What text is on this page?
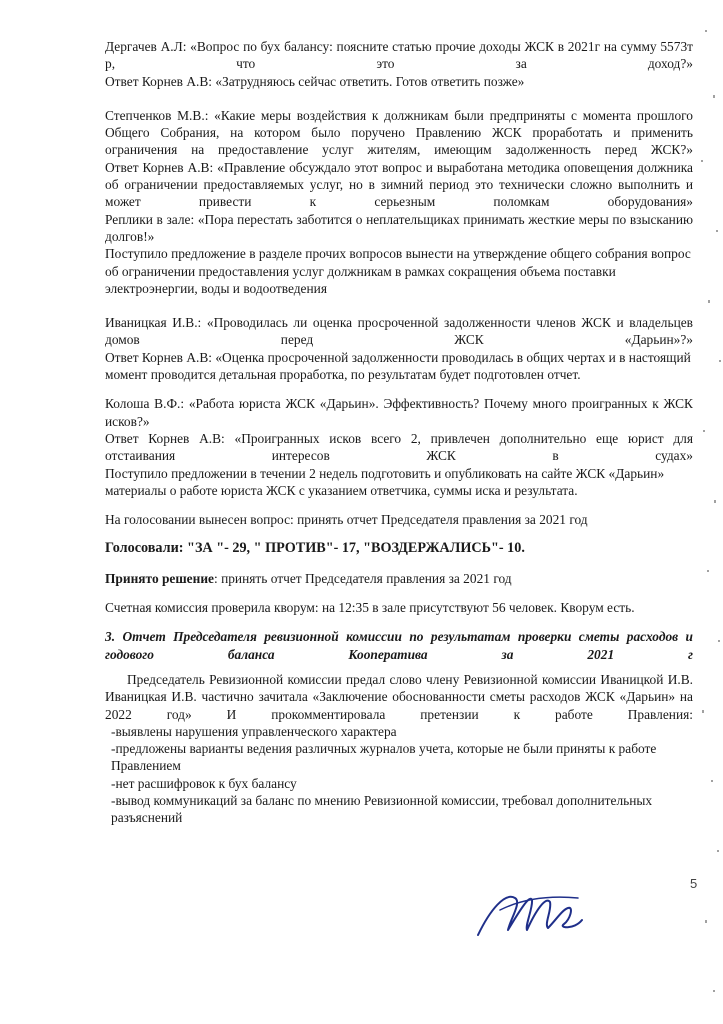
Дергачев А.Л: «Вопрос по бух балансу: поясните статью прочие доходы ЖСК в 2021г на сумму 5573т р, что это за доход?»

Ответ Корнев А.В: «Затрудняюсь сейчас ответить. Готов ответить позже»

Степченков М.В.: «Какие меры воздействия к должникам были предприняты с момента прошлого Общего Собрания, на котором было поручено Правлению ЖСК проработать и применить ограничения на предоставление услуг жителям, имеющим задолженность перед ЖСК?»

Ответ Корнев А.В: «Правление обсуждало этот вопрос и выработана методика оповещения должника об ограничении предоставляемых услуг, но в зимний период это технически сложно выполнить и может привести к серьезным поломкам оборудования»

Реплики в зале: «Пора перестать заботится о неплательщиках принимать жесткие меры по взысканию долгов!»

Поступило предложение в разделе прочих вопросов вынести на утверждение общего собрания вопрос об ограничении предоставления услуг должникам в рамках сокращения объема поставки электроэнергии, воды и водоотведения

Иваницкая И.В.: «Проводилась ли оценка просроченной задолженности членов ЖСК и владельцев домов перед ЖСК «Дарьин»?»

Ответ Корнев А.В: «Оценка просроченной задолженности проводилась в общих чертах и в настоящий момент проводится детальная проработка, по результатам будет подготовлен отчет.

Колоша В.Ф.: «Работа юриста ЖСК «Дарьин». Эффективность? Почему много проигранных к ЖСК исков?»

Ответ Корнев А.В: «Проигранных исков всего 2, привлечен дополнительно еще юрист для отстаивания интересов ЖСК в судах»

Поступило предложении в течении 2 недель подготовить и опубликовать на сайте ЖСК «Дарьин» материалы о работе юриста ЖСК с указанием ответчика, суммы иска и результата.

На голосовании вынесен вопрос: принять отчет Председателя правления за 2021 год

Голосовали: "ЗА "- 29, " ПРОТИВ"- 17, "ВОЗДЕРЖАЛИСЬ"- 10.

Принято решение: принять отчет Председателя правления за 2021 год

Счетная комиссия проверила кворум: на 12:35 в зале присутствуют 56 человек. Кворум есть.

3. Отчет Председателя ревизионной комиссии по результатам проверки сметы расходов и годового баланса Кооператива за 2021 г

Председатель Ревизионной комиссии предал слово члену Ревизионной комиссии Иваницкой И.В.

Иваницкая И.В. частично зачитала «Заключение обоснованности сметы расходов ЖСК «Дарьин» на 2022 год» И прокомментировала претензии к работе Правления:

-выявлены нарушения управленческого характера

-предложены варианты ведения различных журналов учета, которые не были приняты к работе Правлением

-нет расшифровок к бух балансу

-вывод коммуникаций за баланс по мнению Ревизионной комиссии, требовал дополнительных разъяснений

5
